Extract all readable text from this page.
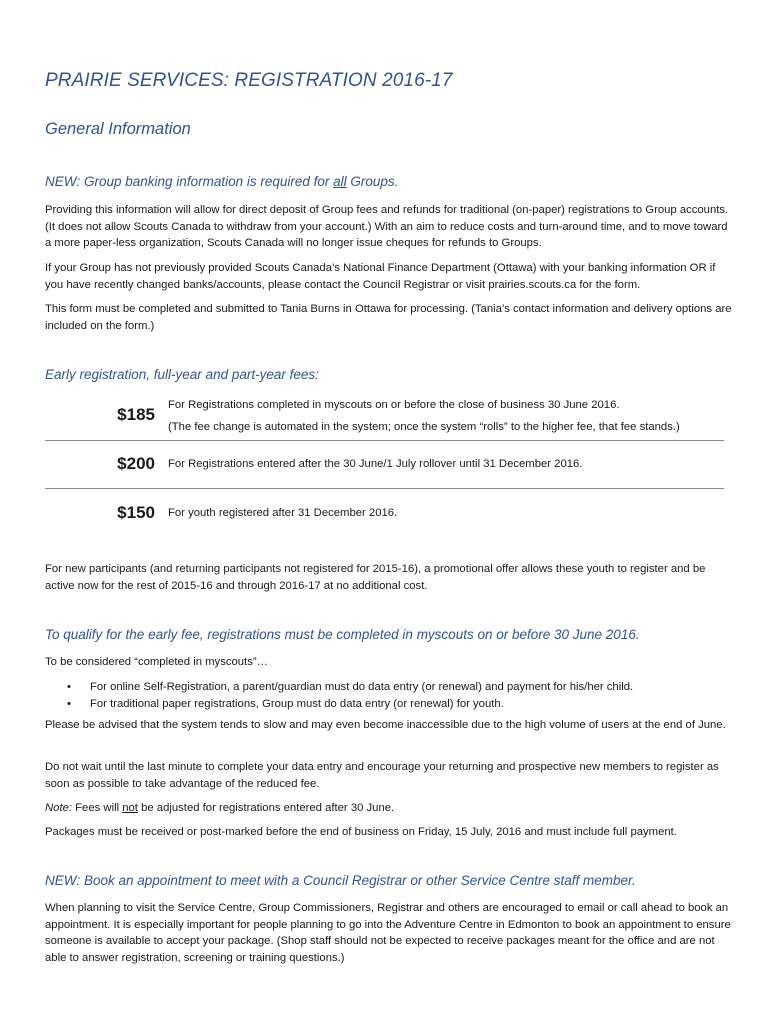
PRAIRIE SERVICES: REGISTRATION 2016-17
General Information
NEW: Group banking information is required for all Groups.

Providing this information will allow for direct deposit of Group fees and refunds for traditional (on-paper) registrations to Group accounts. (It does not allow Scouts Canada to withdraw from your account.) With an aim to reduce costs and turn-around time, and to move toward a more paper-less organization, Scouts Canada will no longer issue cheques for refunds to Groups.

If your Group has not previously provided Scouts Canada’s National Finance Department (Ottawa) with your banking information OR if you have recently changed banks/accounts, please contact the Council Registrar or visit prairies.scouts.ca for the form.

This form must be completed and submitted to Tania Burns in Ottawa for processing. (Tania’s contact information and delivery options are included on the form.)

Early registration, full-year and part-year fees:
$185 For Registrations completed in myscouts on or before the close of business 30 June 2016.
(The fee change is automated in the system; once the system “rolls” to the higher fee, that fee stands.)
$200 For Registrations entered after the 30 June/1 July rollover until 31 December 2016.
$150 For youth registered after 31 December 2016.

For new participants (and returning participants not registered for 2015-16), a promotional offer allows these youth to register and be active now for the rest of 2015-16 and through 2016-17 at no additional cost.

To qualify for the early fee, registrations must be completed in myscouts on or before 30 June 2016.

To be considered “completed in myscouts”…

• For online Self-Registration, a parent/guardian must do data entry (or renewal) and payment for his/her child.
• For traditional paper registrations, Group must do data entry (or renewal) for youth.

Please be advised that the system tends to slow and may even become inaccessible due to the high volume of users at the end of June.

Do not wait until the last minute to complete your data entry and encourage your returning and prospective new members to register as soon as possible to take advantage of the reduced fee.

Note: Fees will not be adjusted for registrations entered after 30 June.

Packages must be received or post-marked before the end of business on Friday, 15 July, 2016 and must include full payment.

NEW: Book an appointment to meet with a Council Registrar or other Service Centre staff member.

When planning to visit the Service Centre, Group Commissioners, Registrar and others are encouraged to email or call ahead to book an appointment. It is especially important for people planning to go into the Adventure Centre in Edmonton to book an appointment to ensure someone is available to accept your package. (Shop staff should not be expected to receive packages meant for the office and are not able to answer registration, screening or training questions.)
